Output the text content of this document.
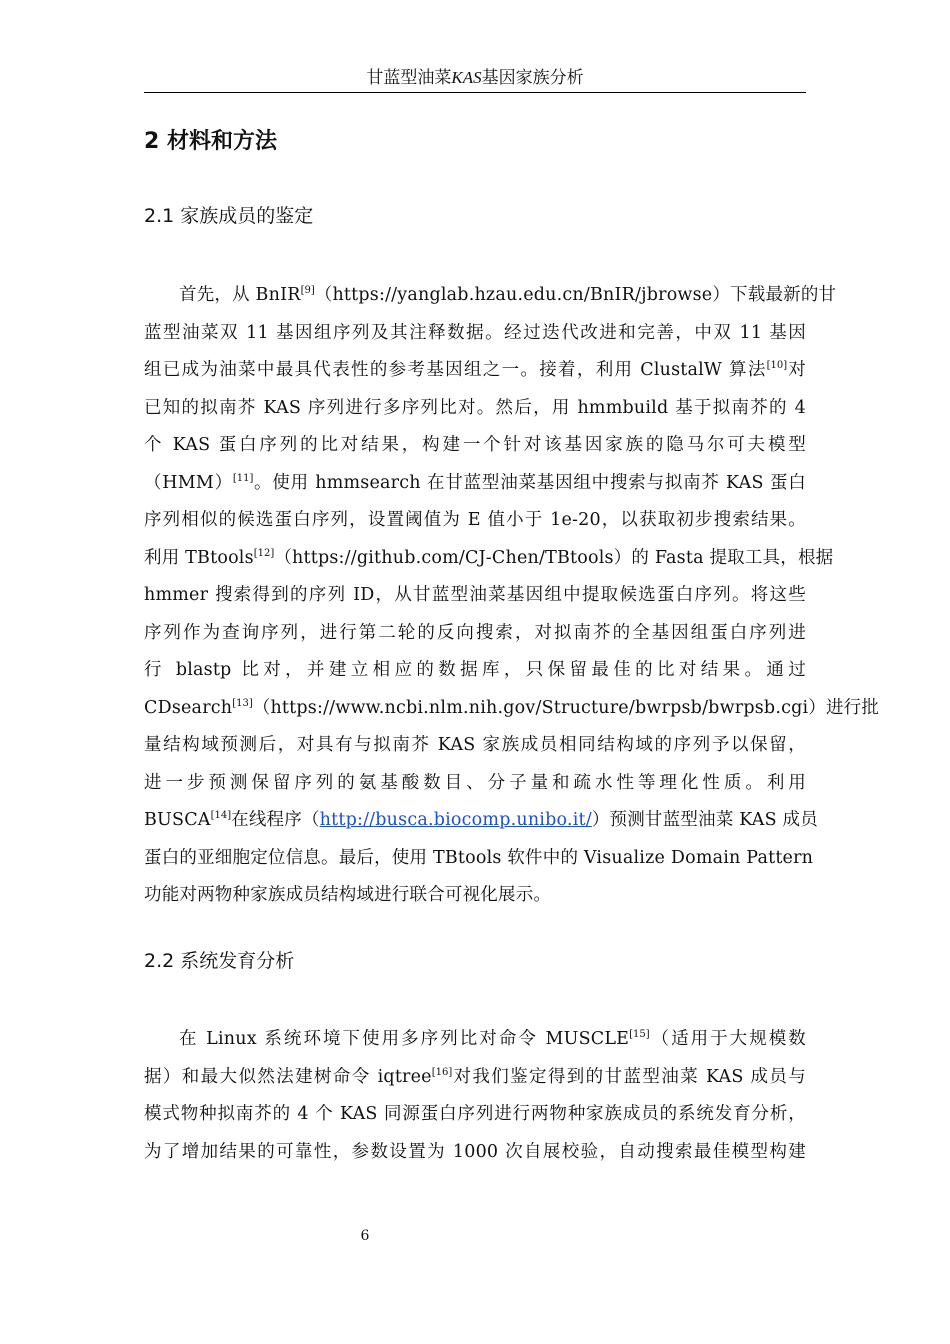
甘蓝型油菜KAS基因家族分析
2 材料和方法
2.1 家族成员的鉴定
首先，从 BnIR[9]（https://yanglab.hzau.edu.cn/BnIR/jbrowse）下载最新的甘
蓝型油菜双 11 基因组序列及其注释数据。经过迭代改进和完善，中双 11 基因
组已成为油菜中最具代表性的参考基因组之一。接着，利用 ClustalW 算法[10]对
已知的拟南芥 KAS 序列进行多序列比对。然后，用 hmmbuild 基于拟南芥的 4
个 KAS 蛋白序列的比对结果，构建一个针对该基因家族的隐马尔可夫模型
（HMM）[11]。使用 hmmsearch 在甘蓝型油菜基因组中搜索与拟南芥 KAS 蛋白
序列相似的候选蛋白序列，设置阈值为 E 值小于 1e-20，以获取初步搜索结果。
利用 TBtools[12]（https://github.com/CJ-Chen/TBtools）的 Fasta 提取工具，根据
hmmer 搜索得到的序列 ID，从甘蓝型油菜基因组中提取候选蛋白序列。将这些
序列作为查询序列，进行第二轮的反向搜索，对拟南芥的全基因组蛋白序列进
行 blastp 比对，并建立相应的数据库，只保留最佳的比对结果。通过
CDsearch[13]（https://www.ncbi.nlm.nih.gov/Structure/bwrpsb/bwrpsb.cgi）进行批
量结构域预测后，对具有与拟南芥 KAS 家族成员相同结构域的序列予以保留，
进一步预测保留序列的氨基酸数目、分子量和疏水性等理化性质。利用
BUSCA[14]在线程序（http://busca.biocomp.unibo.it/）预测甘蓝型油菜 KAS 成员
蛋白的亚细胞定位信息。最后，使用 TBtools 软件中的 Visualize Domain Pattern
功能对两物种家族成员结构域进行联合可视化展示。
2.2 系统发育分析
在 Linux 系统环境下使用多序列比对命令 MUSCLE[15]（适用于大规模数
据）和最大似然法建树命令 iqtree[16]对我们鉴定得到的甘蓝型油菜 KAS 成员与
模式物种拟南芥的 4 个 KAS 同源蛋白序列进行两物种家族成员的系统发育分析，
为了增加结果的可靠性，参数设置为 1000 次自展校验，自动搜索最佳模型构建
6
